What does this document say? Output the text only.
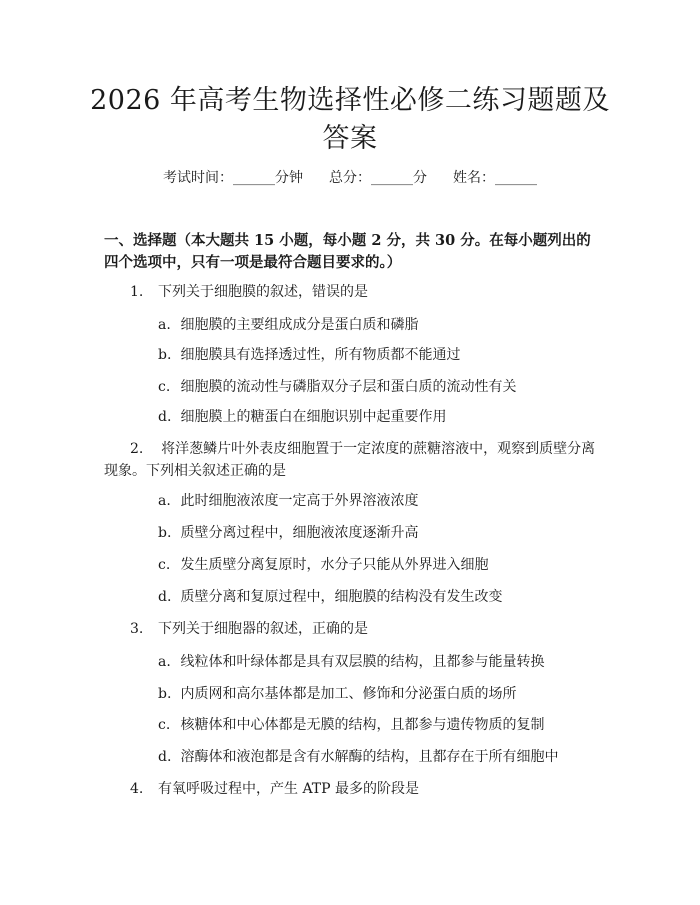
2026 年高考生物选择性必修二练习题题及答案
考试时间：______分钟 总分：______分 姓名：______

一、选择题（本大题共 15 小题，每小题 2 分，共 30 分。在每小题列出的四个选项中，只有一项是最符合题目要求的。）

1. 下列关于细胞膜的叙述，错误的是

a. 细胞膜的主要组成成分是蛋白质和磷脂

b. 细胞膜具有选择透过性，所有物质都不能通过

c. 细胞膜的流动性与磷脂双分子层和蛋白质的流动性有关

d. 细胞膜上的糖蛋白在细胞识别中起重要作用

2. 将洋葱鳞片叶外表皮细胞置于一定浓度的蔗糖溶液中，观察到质壁分离现象。下列相关叙述正确的是

a. 此时细胞液浓度一定高于外界溶液浓度

b. 质壁分离过程中，细胞液浓度逐渐升高

c. 发生质壁分离复原时，水分子只能从外界进入细胞

d. 质壁分离和复原过程中，细胞膜的结构没有发生改变

3. 下列关于细胞器的叙述，正确的是

a. 线粒体和叶绿体都是具有双层膜的结构，且都参与能量转换

b. 内质网和高尔基体都是加工、修饰和分泌蛋白质的场所

c. 核糖体和中心体都是无膜的结构，且都参与遗传物质的复制

d. 溶酶体和液泡都是含有水解酶的结构，且都存在于所有细胞中

4. 有氧呼吸过程中，产生 ATP 最多的阶段是
